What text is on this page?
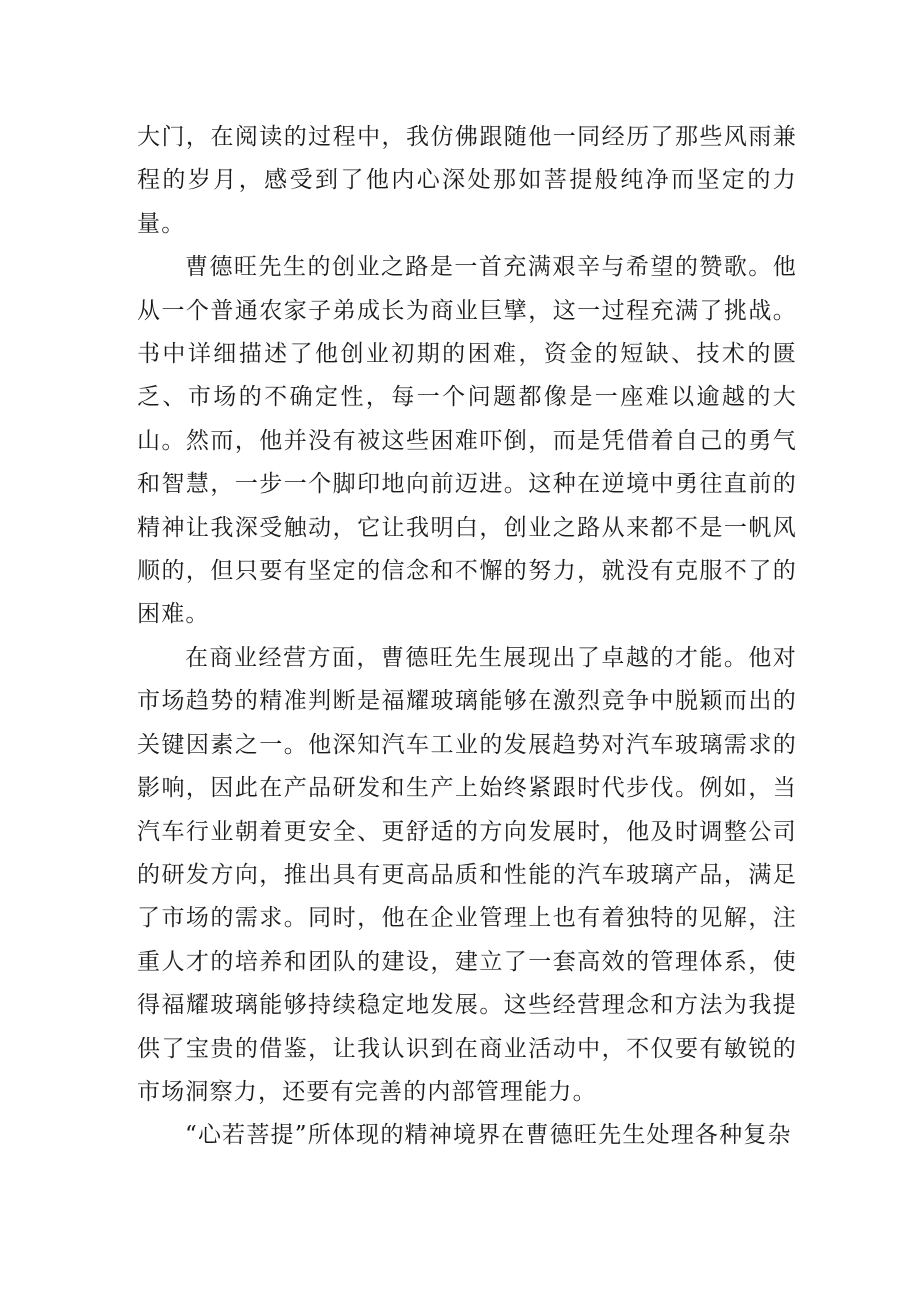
大门，在阅读的过程中，我仿佛跟随他一同经历了那些风雨兼程的岁月，感受到了他内心深处那如菩提般纯净而坚定的力量。

曹德旺先生的创业之路是一首充满艰辛与希望的赞歌。他从一个普通农家子弟成长为商业巨擘，这一过程充满了挑战。书中详细描述了他创业初期的困难，资金的短缺、技术的匮乏、市场的不确定性，每一个问题都像是一座难以逾越的大山。然而，他并没有被这些困难吓倒，而是凭借着自己的勇气和智慧，一步一个脚印地向前迈进。这种在逆境中勇往直前的精神让我深受触动，它让我明白，创业之路从来都不是一帆风顺的，但只要有坚定的信念和不懈的努力，就没有克服不了的困难。

在商业经营方面，曹德旺先生展现出了卓越的才能。他对市场趋势的精准判断是福耀玻璃能够在激烈竞争中脱颖而出的关键因素之一。他深知汽车工业的发展趋势对汽车玻璃需求的影响，因此在产品研发和生产上始终紧跟时代步伐。例如，当汽车行业朝着更安全、更舒适的方向发展时，他及时调整公司的研发方向，推出具有更高品质和性能的汽车玻璃产品，满足了市场的需求。同时，他在企业管理上也有着独特的见解，注重人才的培养和团队的建设，建立了一套高效的管理体系，使得福耀玻璃能够持续稳定地发展。这些经营理念和方法为我提供了宝贵的借鉴，让我认识到在商业活动中，不仅要有敏锐的市场洞察力，还要有完善的内部管理能力。

“心若菩提”所体现的精神境界在曹德旺先生处理各种复杂
